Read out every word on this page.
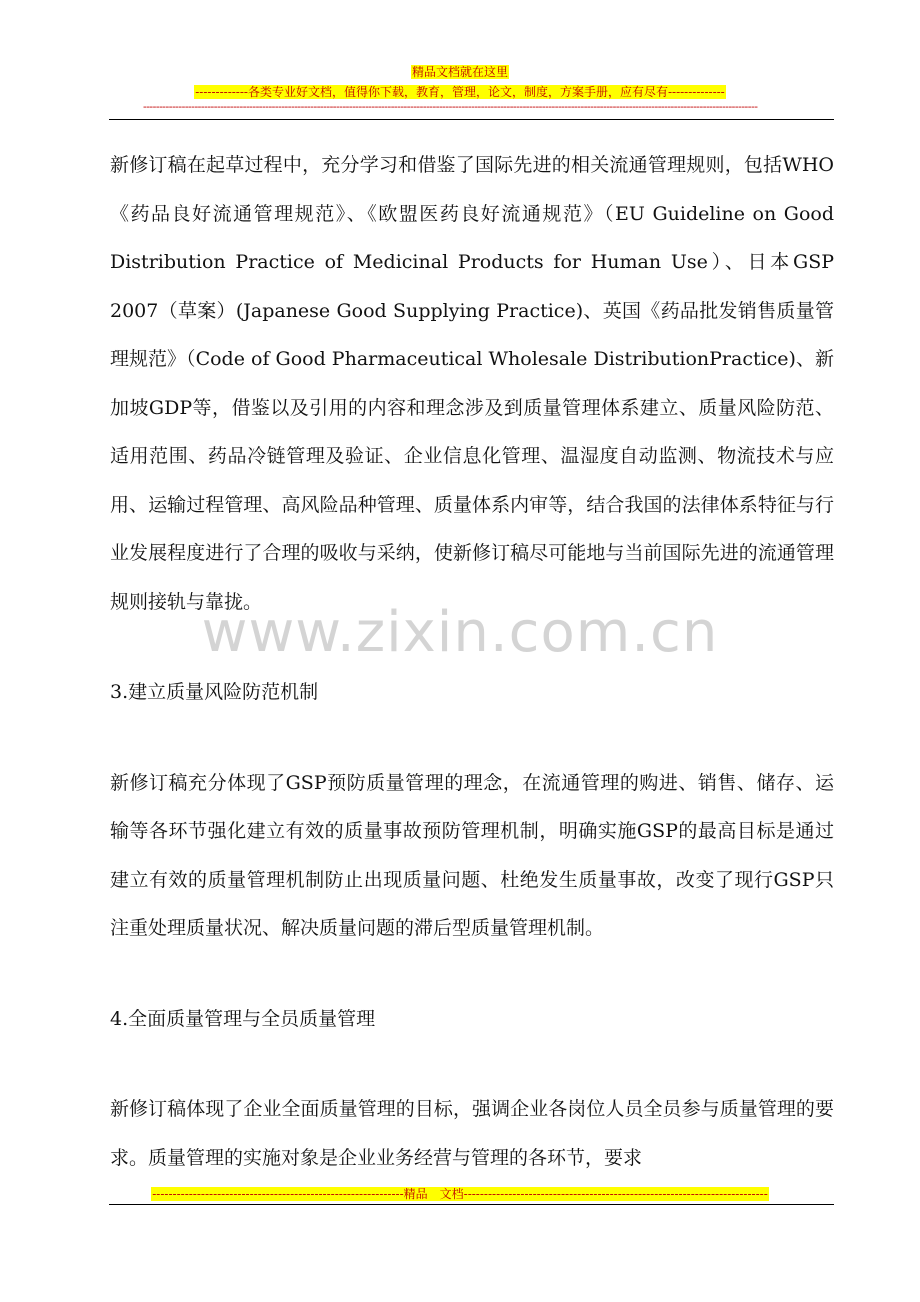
精品文档就在这里
-------------各类专业好文档，值得你下载，教育，管理，论文，制度，方案手册，应有尽有--------------
-----------------------------------------------------------------------------------------------------------------------------------------------------------------------------------------------

新修订稿在起草过程中，充分学习和借鉴了国际先进的相关流通管理规则，包括WHO《药品良好流通管理规范》、《欧盟医药良好流通规范》（EU Guideline on Good Distribution Practice of Medicinal Products for Human Use）、日本GSP 2007（草案）(Japanese Good Supplying Practice)、英国《药品批发销售质量管理规范》（Code of Good Pharmaceutical Wholesale DistributionPractice)、新加坡GDP等，借鉴以及引用的内容和理念涉及到质量管理体系建立、质量风险防范、适用范围、药品冷链管理及验证、企业信息化管理、温湿度自动监测、物流技术与应用、运输过程管理、高风险品种管理、质量体系内审等，结合我国的法律体系特征与行业发展程度进行了合理的吸收与采纳，使新修订稿尽可能地与当前国际先进的流通管理规则接轨与靠拢。

3.建立质量风险防范机制

新修订稿充分体现了GSP预防质量管理的理念，在流通管理的购进、销售、储存、运输等各环节强化建立有效的质量事故预防管理机制，明确实施GSP的最高目标是通过建立有效的质量管理机制防止出现质量问题、杜绝发生质量事故，改变了现行GSP只注重处理质量状况、解决质量问题的滞后型质量管理机制。

4.全面质量管理与全员质量管理

新修订稿体现了企业全面质量管理的目标，强调企业各岗位人员全员参与质量管理的要求。质量管理的实施对象是企业业务经营与管理的各环节，要求

www.zixin.com.cn
--------------------------------------------------------------精品　文档---------------------------------------------------------------------------
